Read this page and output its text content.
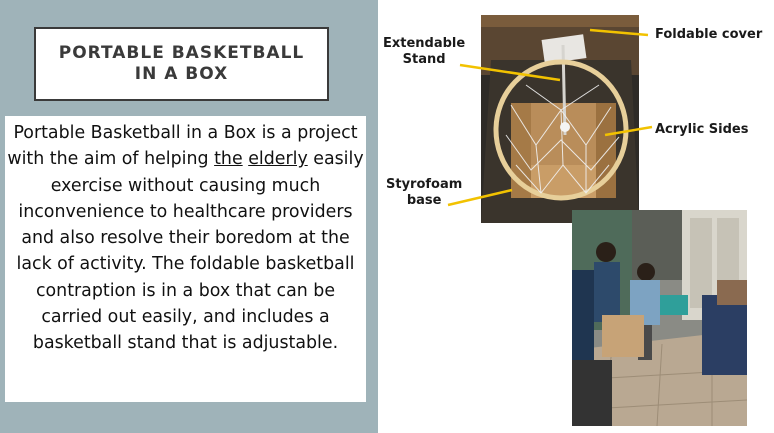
PORTABLE BASKETBALL
IN A BOX
Portable Basketball in a Box is a project with the aim of helping the elderly easily exercise without causing much inconvenience to healthcare providers and also resolve their boredom at the lack of activity. The foldable basketball contraption is in a box that can be carried out easily, and includes a basketball stand that is adjustable.
Extendable
Stand
Foldable cover
Acrylic Sides
Styrofoam
base
